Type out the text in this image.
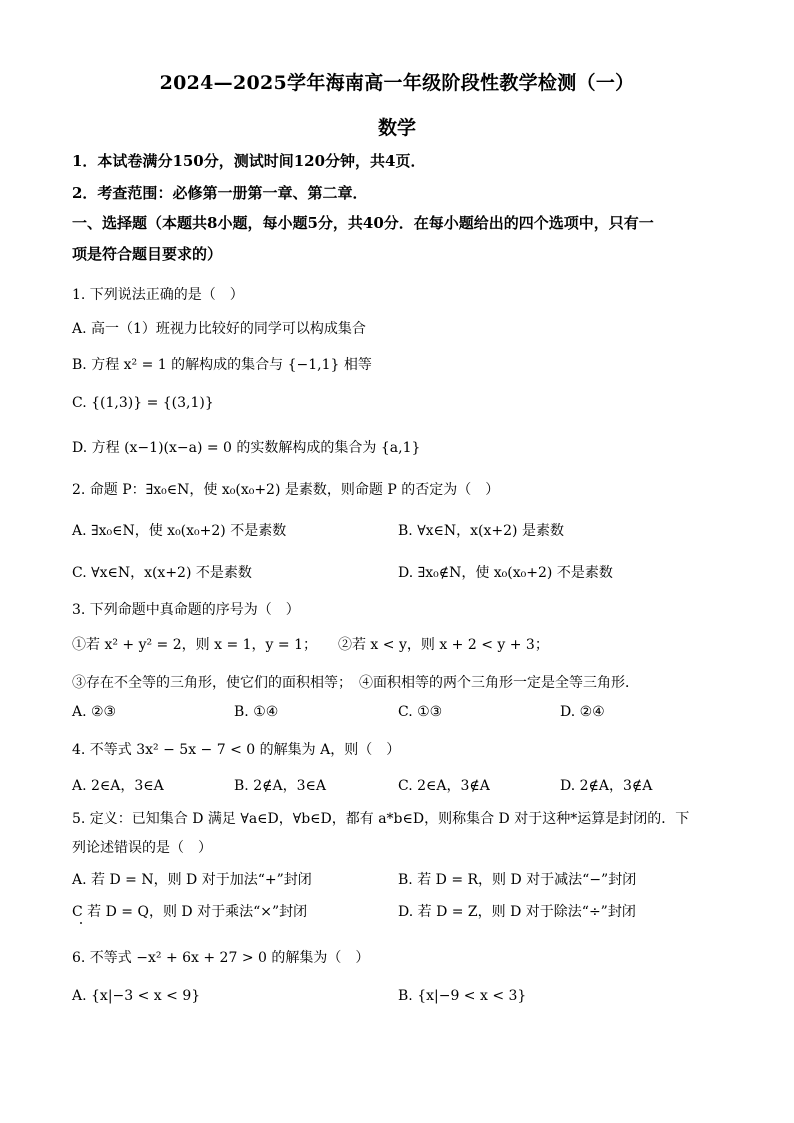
2024—2025学年海南高一年级阶段性教学检测（一）
数学
1．本试卷满分150分，测试时间120分钟，共4页．
2．考查范围：必修第一册第一章、第二章．
一、选择题（本题共8小题，每小题5分，共40分．在每小题给出的四个选项中，只有一
项是符合题目要求的）
1. 下列说法正确的是（　）
A. 高一（1）班视力比较好的同学可以构成集合
B. 方程 x² = 1 的解构成的集合与 {−1,1} 相等
C. {(1,3)} = {(3,1)}
D. 方程 (x−1)(x−a) = 0 的实数解构成的集合为 {a,1}
2. 命题 P：∃x₀∈N，使 x₀(x₀+2) 是素数，则命题 P 的否定为（　）
A. ∃x₀∈N，使 x₀(x₀+2) 不是素数	B. ∀x∈N，x(x+2) 是素数
C. ∀x∈N，x(x+2) 不是素数	D. ∃x₀∉N，使 x₀(x₀+2) 不是素数
3. 下列命题中真命题的序号为（　）
①若 x² + y² = 2，则 x = 1，y = 1；　　②若 x < y，则 x + 2 < y + 3；
③存在不全等的三角形，使它们的面积相等；　④面积相等的两个三角形一定是全等三角形．
A. ②③	B. ①④	C. ①③	D. ②④
4. 不等式 3x² − 5x − 7 < 0 的解集为 A，则（　）
A. 2∈A，3∈A	B. 2∉A，3∈A	C. 2∈A，3∉A	D. 2∉A，3∉A
5. 定义：已知集合 D 满足 ∀a∈D，∀b∈D，都有 a*b∈D，则称集合 D 对于这种*运算是封闭的．下
列论述错误的是（　）
A. 若 D = N，则 D 对于加法“+”封闭	B. 若 D = R，则 D 对于减法“−”封闭
C 若 D = Q，则 D 对于乘法“×”封闭	D. 若 D = Z，则 D 对于除法“÷”封闭
6. 不等式 −x² + 6x + 27 > 0 的解集为（　）
A. {x|−3 < x < 9}	B. {x|−9 < x < 3}
